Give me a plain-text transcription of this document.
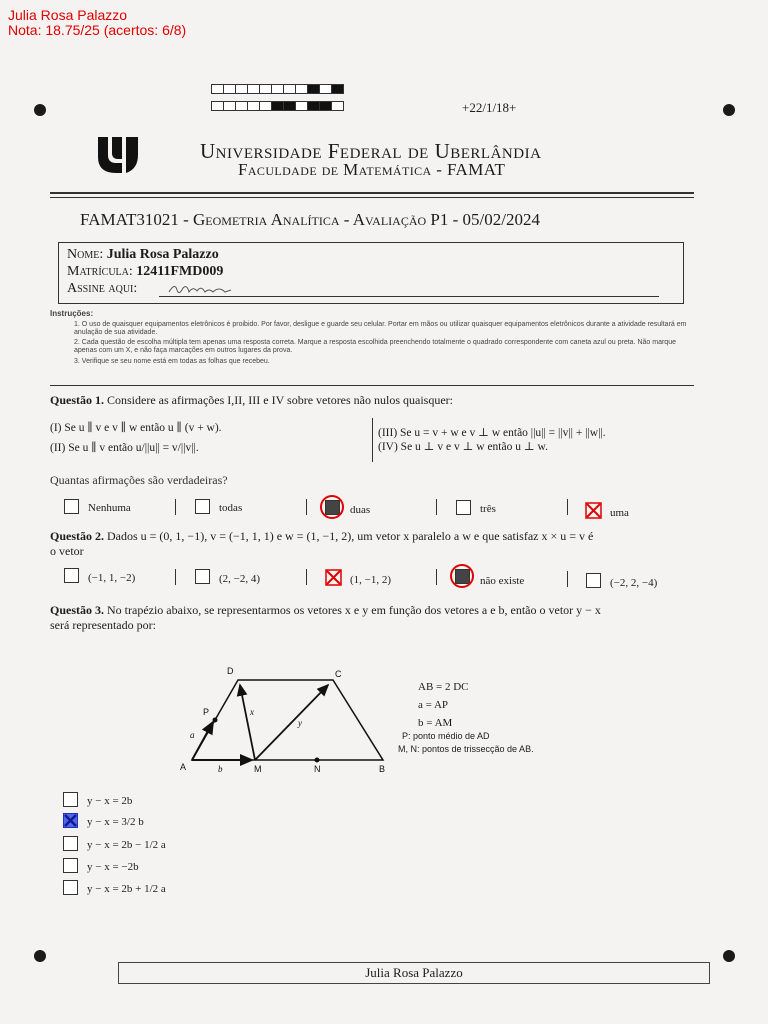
Julia Rosa Palazzo
Nota: 18.75/25 (acertos: 6/8)
+22/1/18+
Universidade Federal de Uberlândia
Faculdade de Matemática - FAMAT
FAMAT31021 - Geometria Analítica - Avaliação P1 - 05/02/2024
Nome: Julia Rosa Palazzo
Matrícula: 12411FMD009
Assine aqui:
Instruções:
1. O uso de quaisquer equipamentos eletrônicos é proibido. Por favor, desligue e guarde seu celular. Portar em mãos ou utilizar quaisquer equipamentos eletrônicos durante a atividade resultará em anulação de sua atividade.
2. Cada questão de escolha múltipla tem apenas uma resposta correta. Marque a resposta escolhida preenchendo totalmente o quadrado correspondente com caneta azul ou preta. Não marque apenas com um X, e não faça marcações em outros lugares da prova.
3. Verifique se seu nome está em todas as folhas que recebeu.
Questão 1. Considere as afirmações I,II, III e IV sobre vetores não nulos quaisquer:
(I) Se u ∥ v e v ∥ w então u ∥ (v + w).
(II) Se u ∥ v então u/||u|| = v/||v||.
(III) Se u = v + w e v ⊥ w então ||u|| = ||v|| + ||w||.
(IV) Se u ⊥ v e v ⊥ w então u ⊥ w.
Quantas afirmações são verdadeiras?
Nenhuma	todas	duas	três	uma
Questão 2. Dados u = (0, 1, −1), v = (−1, 1, 1) e w = (1, −1, 2), um vetor x paralelo a w e que satisfaz x × u = v é
o vetor
(−1, 1, −2)	(2, −2, 4)	(1, −1, 2)	não existe	(−2, 2, −4)
Questão 3. No trapézio abaixo, se representarmos os vetores x e y em função dos vetores a e b, então o vetor y − x
será representado por:
A	B
C
D
P
M	N
a
b
x
y
AB = 2 DC
a = AP
b = AM
P: ponto médio de AD
M, N: pontos de trissecção de AB.
y − x = 2b
y − x = 3/2 b
y − x = 2b − 1/2 a
y − x = −2b
y − x = 2b + 1/2 a
Julia Rosa Palazzo
